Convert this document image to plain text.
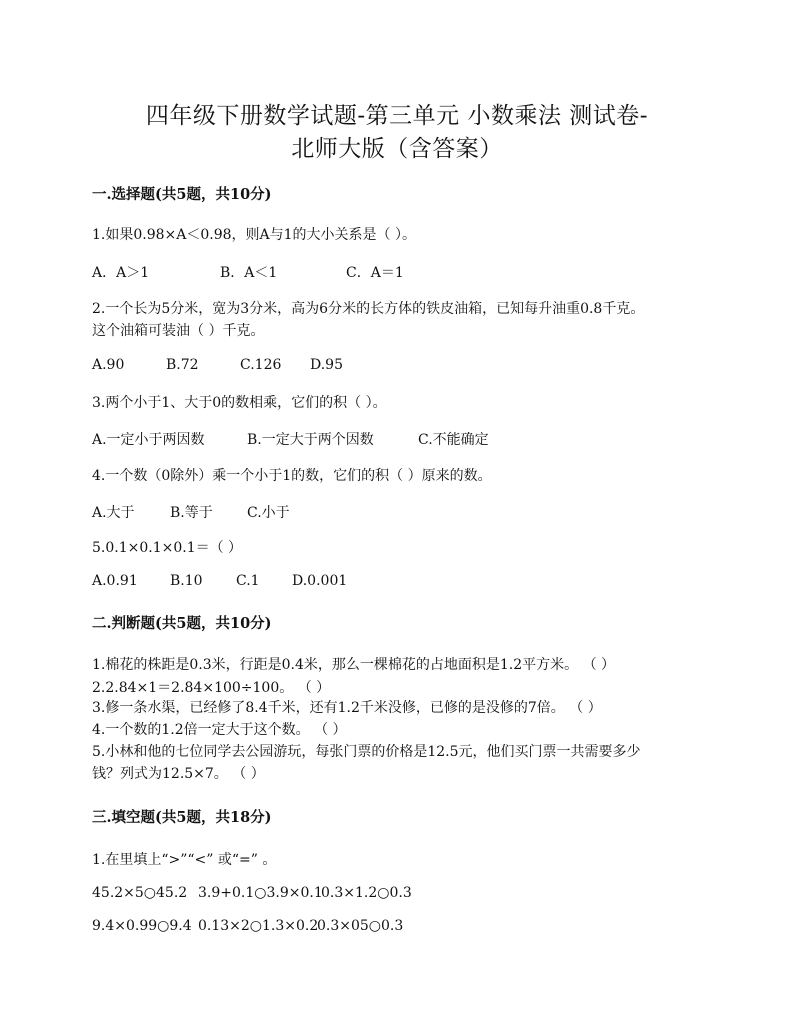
四年级下册数学试题-第三单元 小数乘法 测试卷-
北师大版（含答案）
一.选择题(共5题，共10分)
1.如果0.98×A＜0.98，则A与1的大小关系是（ ）。
A．A＞1	B．A＜1	C．A＝1
2.一个长为5分米，宽为3分米，高为6分米的长方体的铁皮油箱，已知每升油重0.8千克。
这个油箱可装油（ ）千克。
A.90	B.72	C.126 D.95
3.两个小于1、大于0的数相乘，它们的积（ ）。
A.一定小于两因数	B.一定大于两个因数	C.不能确定
4.一个数（0除外）乘一个小于1的数，它们的积（ ）原来的数。
A.大于	B.等于 C.小于
5.0.1×0.1×0.1＝（ ）
A.0.91 B.10 C.1 D.0.001
二.判断题(共5题，共10分)
1.棉花的株距是0.3米，行距是0.4米，那么一棵棉花的占地面积是1.2平方米。 （ ）
2.2.84×1＝2.84×100÷100。 （ ）
3.修一条水渠，已经修了8.4千米，还有1.2千米没修，已修的是没修的7倍。 （ ）
4.一个数的1.2倍一定大于这个数。 （ ）
5.小林和他的七位同学去公园游玩，每张门票的价格是12.5元，他们买门票一共需要多少
钱？列式为12.5×7。 （ ）
三.填空题(共5题，共18分)
1.在里填上“>”“<” 或“=” 。
45.2×5○45.2 3.9+0.1○3.9×0.1
0.3×1.2○0.3
9.4×0.99○9.4 0.13×2○1.3×0.2
0.3×05○0.3
